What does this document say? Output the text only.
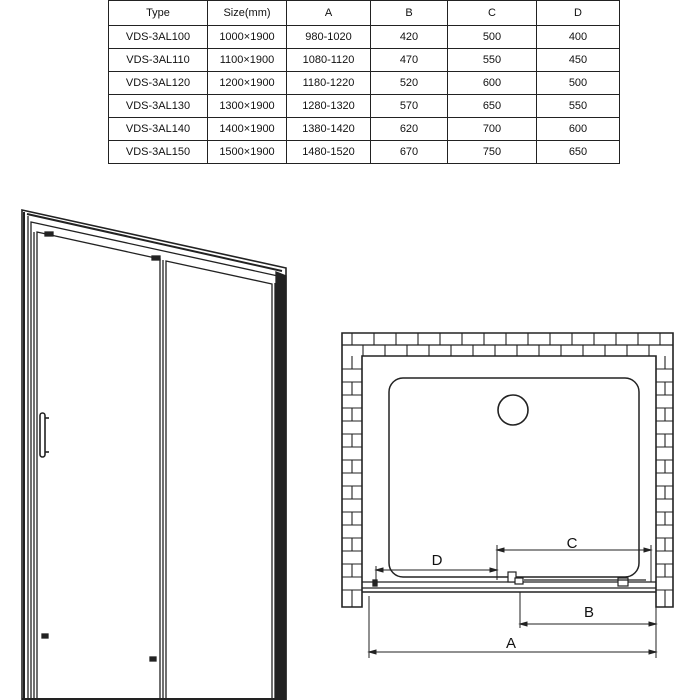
Type	Size(mm)	A	B	C	D
VDS-3AL100	1000×1900	980-1020	420	500	400
VDS-3AL110	1100×1900	1080-1120	470	550	450
VDS-3AL120	1200×1900	1180-1220	520	600	500
VDS-3AL130	1300×1900	1280-1320	570	650	550
VDS-3AL140	1400×1900	1380-1420	620	700	600
VDS-3AL150	1500×1900	1480-1520	670	750	650
D
C
B
A
